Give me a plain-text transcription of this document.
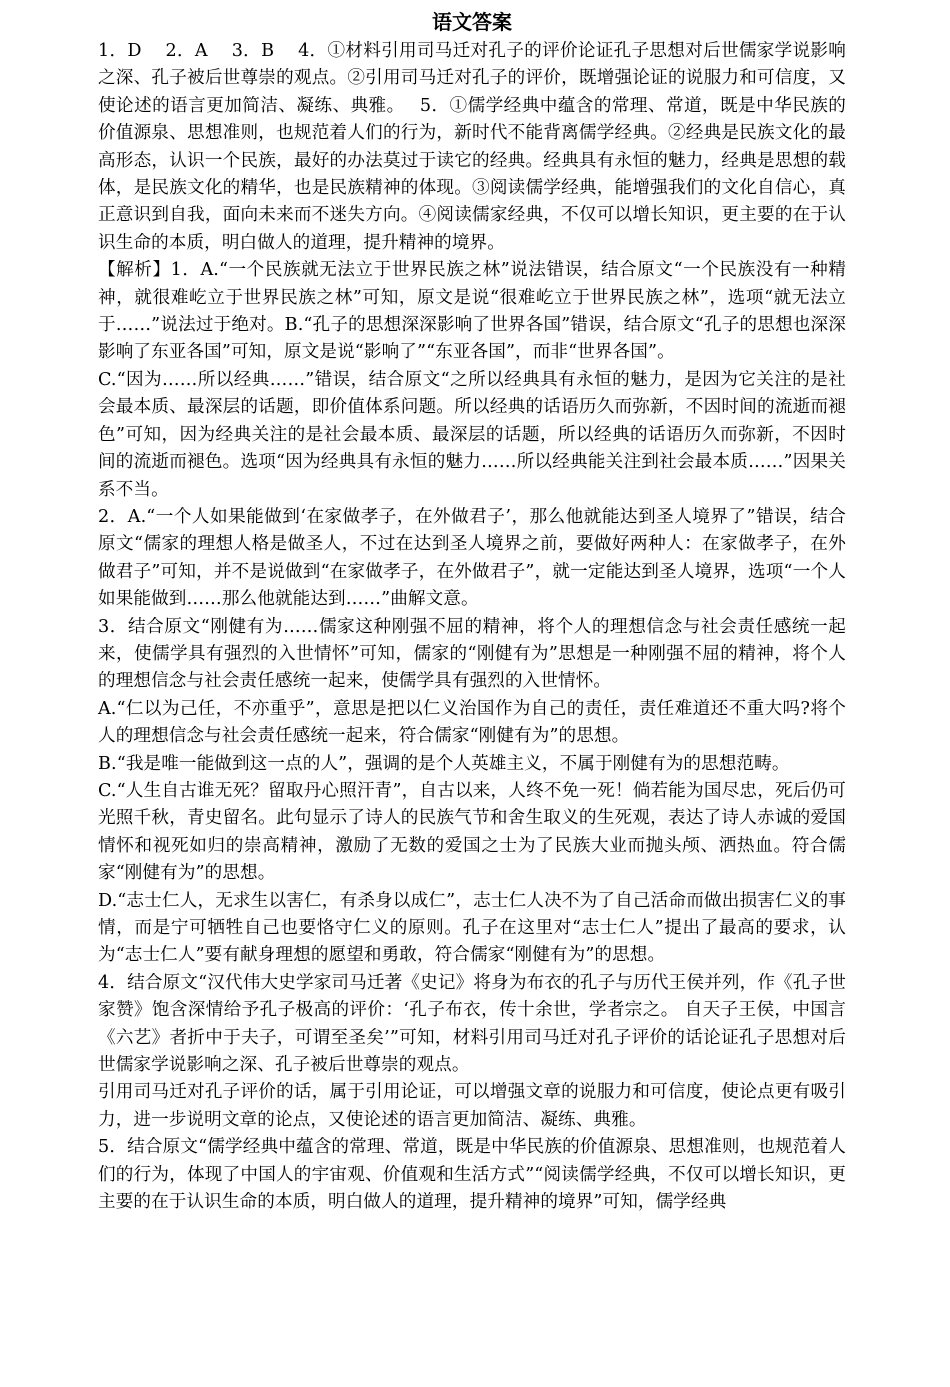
语文答案

1．D　 2．A　 3．B　 4．①材料引用司马迁对孔子的评价论证孔子思想对后世儒家学说影响之深、孔子被后世尊崇的观点。②引用司马迁对孔子的评价，既增强论证的说服力和可信度，又使论述的语言更加简洁、凝练、典雅。　 5．①儒学经典中蕴含的常理、常道，既是中华民族的价值源泉、思想准则，也规范着人们的行为，新时代不能背离儒学经典。②经典是民族文化的最高形态，认识一个民族，最好的办法莫过于读它的经典。经典具有永恒的魅力，经典是思想的载体，是民族文化的精华，也是民族精神的体现。③阅读儒学经典，能增强我们的文化自信心，真正意识到自我，面向未来而不迷失方向。④阅读儒家经典，不仅可以增长知识，更主要的在于认识生命的本质，明白做人的道理，提升精神的境界。

【解析】1．A.“一个民族就无法立于世界民族之林”说法错误，结合原文“一个民族没有一种精神，就很难屹立于世界民族之林”可知，原文是说“很难屹立于世界民族之林”，选项“就无法立于……”说法过于绝对。B.“孔子的思想深深影响了世界各国”错误，结合原文“孔子的思想也深深影响了东亚各国”可知，原文是说“影响了”“东亚各国”，而非“世界各国”。

C.“因为……所以经典……”错误，结合原文“之所以经典具有永恒的魅力，是因为它关注的是社会最本质、最深层的话题，即价值体系问题。所以经典的话语历久而弥新，不因时间的流逝而褪色”可知，因为经典关注的是社会最本质、最深层的话题，所以经典的话语历久而弥新，不因时间的流逝而褪色。选项“因为经典具有永恒的魅力……所以经典能关注到社会最本质……”因果关系不当。

2．A.“一个人如果能做到‘在家做孝子，在外做君子’，那么他就能达到圣人境界了”错误，结合原文“儒家的理想人格是做圣人，不过在达到圣人境界之前，要做好两种人：在家做孝子，在外做君子”可知，并不是说做到“在家做孝子，在外做君子”，就一定能达到圣人境界，选项“一个人如果能做到……那么他就能达到……”曲解文意。

3．结合原文“刚健有为……儒家这种刚强不屈的精神，将个人的理想信念与社会责任感统一起来，使儒学具有强烈的入世情怀”可知，儒家的“刚健有为”思想是一种刚强不屈的精神，将个人的理想信念与社会责任感统一起来，使儒学具有强烈的入世情怀。

A.“仁以为己任，不亦重乎”，意思是把以仁义治国作为自己的责任，责任难道还不重大吗?将个人的理想信念与社会责任感统一起来，符合儒家“刚健有为”的思想。

B.“我是唯一能做到这一点的人”，强调的是个人英雄主义，不属于刚健有为的思想范畴。

C.“人生自古谁无死？留取丹心照汗青”，自古以来，人终不免一死！倘若能为国尽忠，死后仍可光照千秋，青史留名。此句显示了诗人的民族气节和舍生取义的生死观，表达了诗人赤诚的爱国情怀和视死如归的崇高精神，激励了无数的爱国之士为了民族大业而抛头颅、洒热血。符合儒家“刚健有为”的思想。

D.“志士仁人，无求生以害仁，有杀身以成仁”，志士仁人决不为了自己活命而做出损害仁义的事情，而是宁可牺牲自己也要恪守仁义的原则。孔子在这里对“志士仁人”提出了最高的要求，认为“志士仁人”要有献身理想的愿望和勇敢，符合儒家“刚健有为”的思想。

4．结合原文“汉代伟大史学家司马迁著《史记》将身为布衣的孔子与历代王侯并列，作《孔子世家赞》饱含深情给予孔子极高的评价：‘孔子布衣，传十余世，学者宗之。 自天子王侯，中国言《六艺》者折中于夫子，可谓至圣矣’”可知，材料引用司马迁对孔子评价的话论证孔子思想对后世儒家学说影响之深、孔子被后世尊崇的观点。

引用司马迁对孔子评价的话，属于引用论证，可以增强文章的说服力和可信度，使论点更有吸引力，进一步说明文章的论点，又使论述的语言更加简洁、凝练、典雅。

5．结合原文“儒学经典中蕴含的常理、常道，既是中华民族的价值源泉、思想准则，也规范着人们的行为，体现了中国人的宇宙观、价值观和生活方式”“阅读儒学经典，不仅可以增长知识，更主要的在于认识生命的本质，明白做人的道理，提升精神的境界”可知，儒学经典
